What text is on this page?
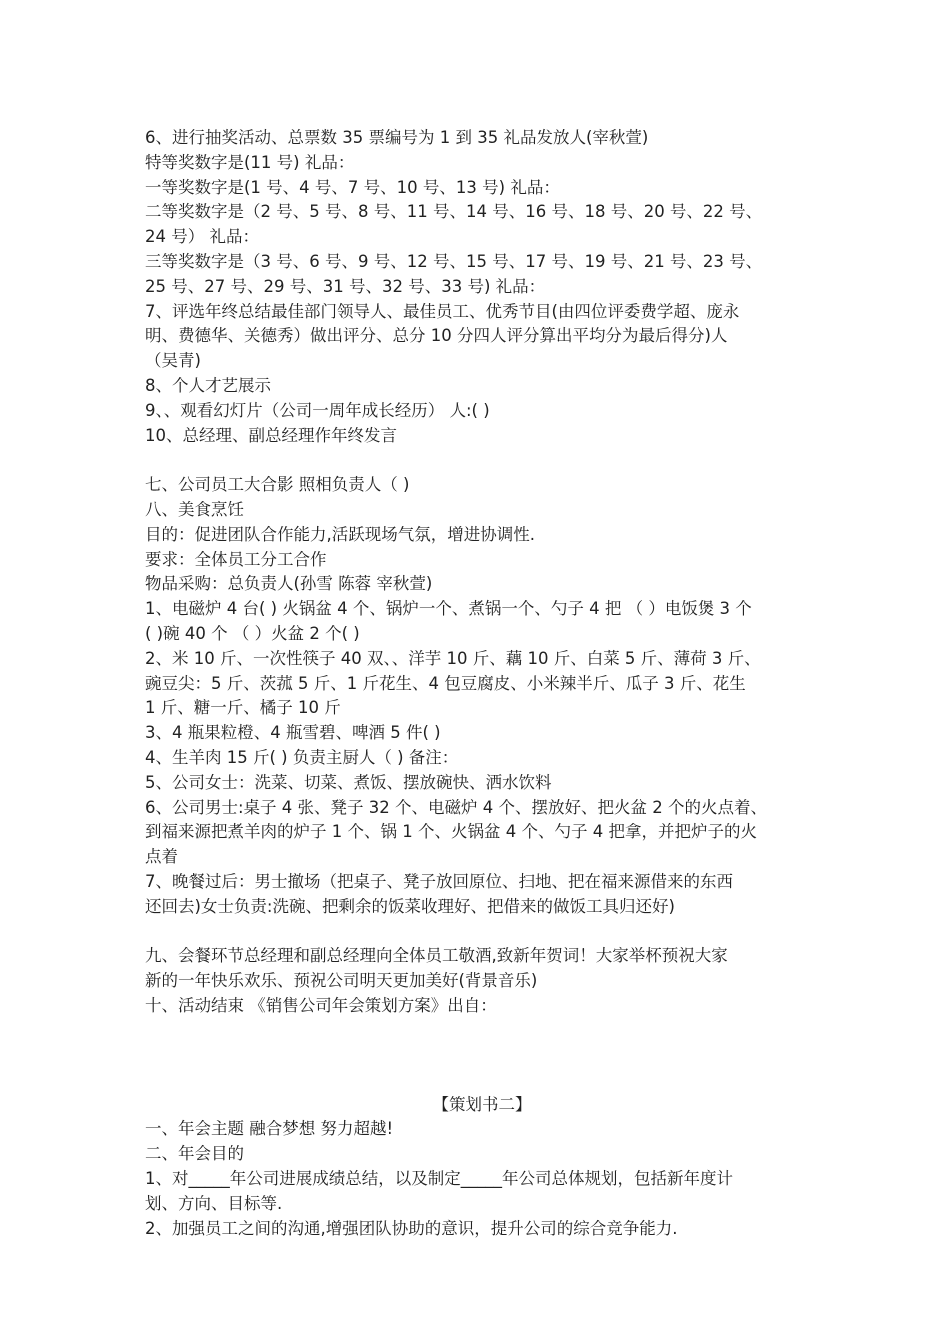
6、进行抽奖活动、总票数 35 票编号为 1 到 35 礼品发放人(宰秋萱)
特等奖数字是(11 号) 礼品：
一等奖数字是(1 号、4 号、7 号、10 号、13 号) 礼品：
二等奖数字是（2 号、5 号、8 号、11 号、14 号、16 号、18 号、20 号、22 号、
24 号） 礼品：
三等奖数字是（3 号、6 号、9 号、12 号、15 号、17 号、19 号、21 号、23 号、
25 号、27 号、29 号、31 号、32 号、33 号) 礼品：
7、评选年终总结最佳部门领导人、最佳员工、优秀节目(由四位评委费学超、庞永
明、费德华、关德秀）做出评分、总分 10 分四人评分算出平均分为最后得分)人
（吴青)
8、个人才艺展示
9、、观看幻灯片（公司一周年成长经历） 人:( )
10、总经理、副总经理作年终发言
七、公司员工大合影 照相负责人（ )
八、美食烹饪
目的：促进团队合作能力,活跃现场气氛，增进协调性.
要求：全体员工分工合作
物品采购：总负责人(孙雪 陈蓉 宰秋萱)
1、电磁炉 4 台( ) 火锅盆 4 个、锅炉一个、煮锅一个、勺子 4 把 （ ）电饭煲 3 个
( )碗 40 个 （ ）火盆 2 个( )
2、米 10 斤、一次性筷子 40 双、、洋芋 10 斤、藕 10 斤、白菜 5 斤、薄荷 3 斤、
豌豆尖：5 斤、茨菰 5 斤、1 斤花生、4 包豆腐皮、小米辣半斤、瓜子 3 斤、花生
1 斤、糖一斤、橘子 10 斤
3、4 瓶果粒橙、4 瓶雪碧、啤酒 5 件( )
4、生羊肉 15 斤( ) 负责主厨人（ ) 备注：
5、公司女士：洗菜、切菜、煮饭、摆放碗快、洒水饮料
6、公司男士:桌子 4 张、凳子 32 个、电磁炉 4 个、摆放好、把火盆 2 个的火点着、
到福来源把煮羊肉的炉子 1 个、锅 1 个、火锅盆 4 个、勺子 4 把拿，并把炉子的火
点着
7、晚餐过后：男士撤场（把桌子、凳子放回原位、扫地、把在福来源借来的东西
还回去)女士负责:洗碗、把剩余的饭菜收理好、把借来的做饭工具归还好)
九、会餐环节总经理和副总经理向全体员工敬酒,致新年贺词！大家举杯预祝大家
新的一年快乐欢乐、预祝公司明天更加美好(背景音乐)
十、活动结束 《销售公司年会策划方案》出自：
【策划书二】
一、年会主题 融合梦想 努力超越!
二、年会目的
1、对_____年公司进展成绩总结，以及制定_____年公司总体规划，包括新年度计
划、方向、目标等.
2、加强员工之间的沟通,增强团队协助的意识，提升公司的综合竞争能力.
